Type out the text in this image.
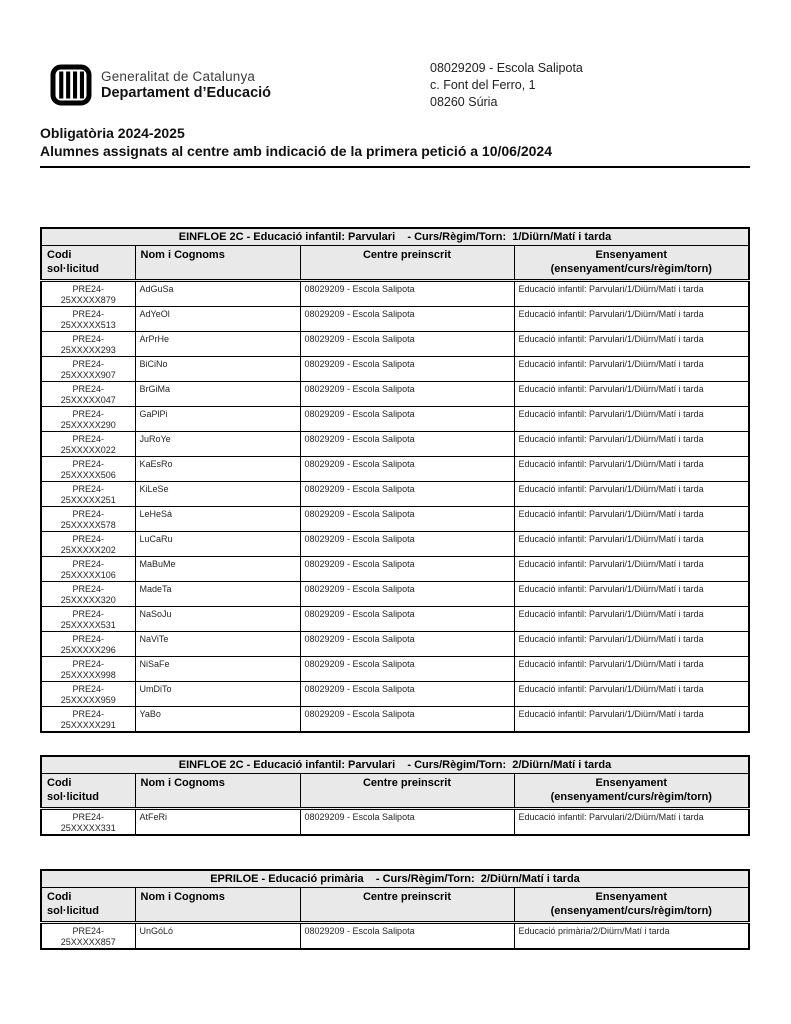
Generalitat de Catalunya
Departament d’Educació
08029209 - Escola Salipota
c. Font del Ferro, 1
08260 Súria
Obligatòria 2024-2025
Alumnes assignats al centre amb indicació de la primera petició a 10/06/2024
EINFLOE 2C - Educació infantil: Parvulari    - Curs/Règim/Torn:  1/Diürn/Matí i tarda			
Codi
sol·licitud	Nom i Cognoms	Centre preinscrit	Ensenyament
(ensenyament/curs/règim/torn)
PRE24-
25XXXXX879	AdGuSa	08029209 - Escola Salipota	Educació infantil: Parvulari/1/Diürn/Matí i tarda
PRE24-
25XXXXX513	AdYeOl	08029209 - Escola Salipota	Educació infantil: Parvulari/1/Diürn/Matí i tarda
PRE24-
25XXXXX293	ArPrHe	08029209 - Escola Salipota	Educació infantil: Parvulari/1/Diürn/Matí i tarda
PRE24-
25XXXXX907	BiCiNo	08029209 - Escola Salipota	Educació infantil: Parvulari/1/Diürn/Matí i tarda
PRE24-
25XXXXX047	BrGiMa	08029209 - Escola Salipota	Educació infantil: Parvulari/1/Diürn/Matí i tarda
PRE24-
25XXXXX290	GaPlPi	08029209 - Escola Salipota	Educació infantil: Parvulari/1/Diürn/Matí i tarda
PRE24-
25XXXXX022	JuRoYe	08029209 - Escola Salipota	Educació infantil: Parvulari/1/Diürn/Matí i tarda
PRE24-
25XXXXX506	KaEsRo	08029209 - Escola Salipota	Educació infantil: Parvulari/1/Diürn/Matí i tarda
PRE24-
25XXXXX251	KiLeSe	08029209 - Escola Salipota	Educació infantil: Parvulari/1/Diürn/Matí i tarda
PRE24-
25XXXXX578	LeHeSá	08029209 - Escola Salipota	Educació infantil: Parvulari/1/Diürn/Matí i tarda
PRE24-
25XXXXX202	LuCaRu	08029209 - Escola Salipota	Educació infantil: Parvulari/1/Diürn/Matí i tarda
PRE24-
25XXXXX106	MaBuMe	08029209 - Escola Salipota	Educació infantil: Parvulari/1/Diürn/Matí i tarda
PRE24-
25XXXXX320	MadeTa	08029209 - Escola Salipota	Educació infantil: Parvulari/1/Diürn/Matí i tarda
PRE24-
25XXXXX531	NaSoJu	08029209 - Escola Salipota	Educació infantil: Parvulari/1/Diürn/Matí i tarda
PRE24-
25XXXXX296	NaViTe	08029209 - Escola Salipota	Educació infantil: Parvulari/1/Diürn/Matí i tarda
PRE24-
25XXXXX998	NiSaFe	08029209 - Escola Salipota	Educació infantil: Parvulari/1/Diürn/Matí i tarda
PRE24-
25XXXXX959	UmDiTo	08029209 - Escola Salipota	Educació infantil: Parvulari/1/Diürn/Matí i tarda
PRE24-
25XXXXX291	YaBo	08029209 - Escola Salipota	Educació infantil: Parvulari/1/Diürn/Matí i tarda
EINFLOE 2C - Educació infantil: Parvulari    - Curs/Règim/Torn:  2/Diürn/Matí i tarda			
Codi
sol·licitud	Nom i Cognoms	Centre preinscrit	Ensenyament
(ensenyament/curs/règim/torn)
PRE24-
25XXXXX331	AtFeRi	08029209 - Escola Salipota	Educació infantil: Parvulari/2/Diürn/Matí i tarda
EPRILOE - Educació primària    - Curs/Règim/Torn:  2/Diürn/Matí i tarda			
Codi
sol·licitud	Nom i Cognoms	Centre preinscrit	Ensenyament
(ensenyament/curs/règim/torn)
PRE24-
25XXXXX857	UnGóLó	08029209 - Escola Salipota	Educació primària/2/Diürn/Matí i tarda
